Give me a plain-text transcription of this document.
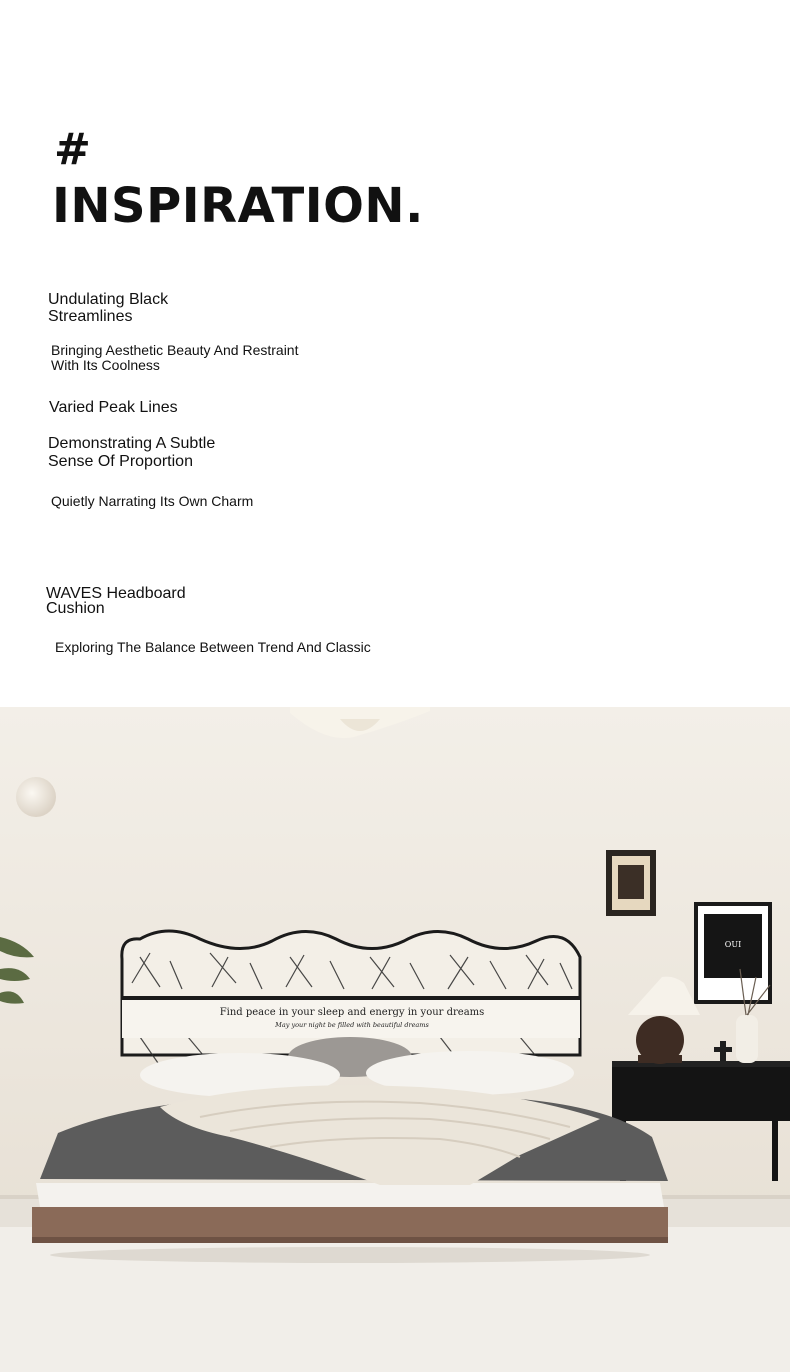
#
INSPIRATION.
Undulating Black
Streamlines
Bringing Aesthetic Beauty And Restraint
With Its Coolness
Varied Peak Lines
Demonstrating A Subtle
Sense Of Proportion
Quietly Narrating Its Own Charm
WAVES Headboard
Cushion
Exploring The Balance Between Trend And Classic
OUI
Find peace in your sleep and energy in your dreams
May your night be filled with beautiful dreams
